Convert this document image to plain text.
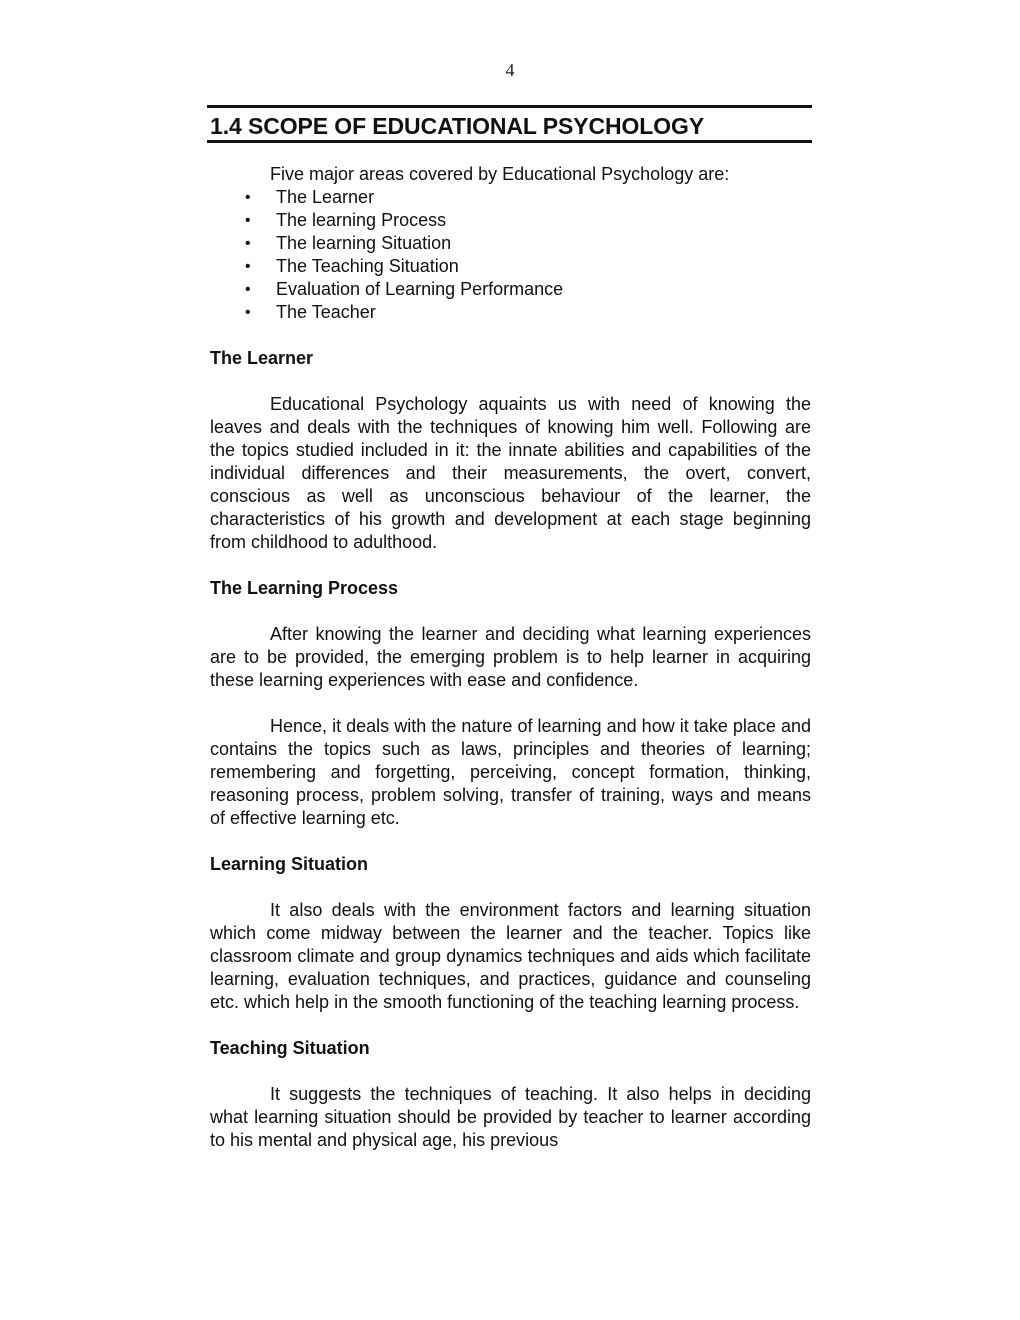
4
1.4 SCOPE OF EDUCATIONAL PSYCHOLOGY

Five major areas covered by Educational Psychology are:

• The Learner
• The learning Process
• The learning Situation
• The Teaching Situation
• Evaluation of Learning Performance
• The Teacher
The Learner

Educational Psychology aquaints us with need of knowing the leaves and deals with the techniques of knowing him well. Following are the topics studied included in it: the innate abilities and capabilities of the individual differences and their measurements, the overt, convert, conscious as well as unconscious behaviour of the learner, the characteristics of his growth and development at each stage beginning from childhood to adulthood.

The Learning Process

After knowing the learner and deciding what learning experiences are to be provided, the emerging problem is to help learner in acquiring these learning experiences with ease and confidence.

Hence, it deals with the nature of learning and how it take place and contains the topics such as laws, principles and theories of learning; remembering and forgetting, perceiving, concept formation, thinking, reasoning process, problem solving, transfer of training, ways and means of effective learning etc.

Learning Situation

It also deals with the environment factors and learning situation which come midway between the learner and the teacher. Topics like classroom climate and group dynamics techniques and aids which facilitate learning, evaluation techniques, and practices, guidance and counseling etc. which help in the smooth functioning of the teaching learning process.

Teaching Situation

It suggests the techniques of teaching. It also helps in deciding what learning situation should be provided by teacher to learner according to his mental and physical age, his previous
